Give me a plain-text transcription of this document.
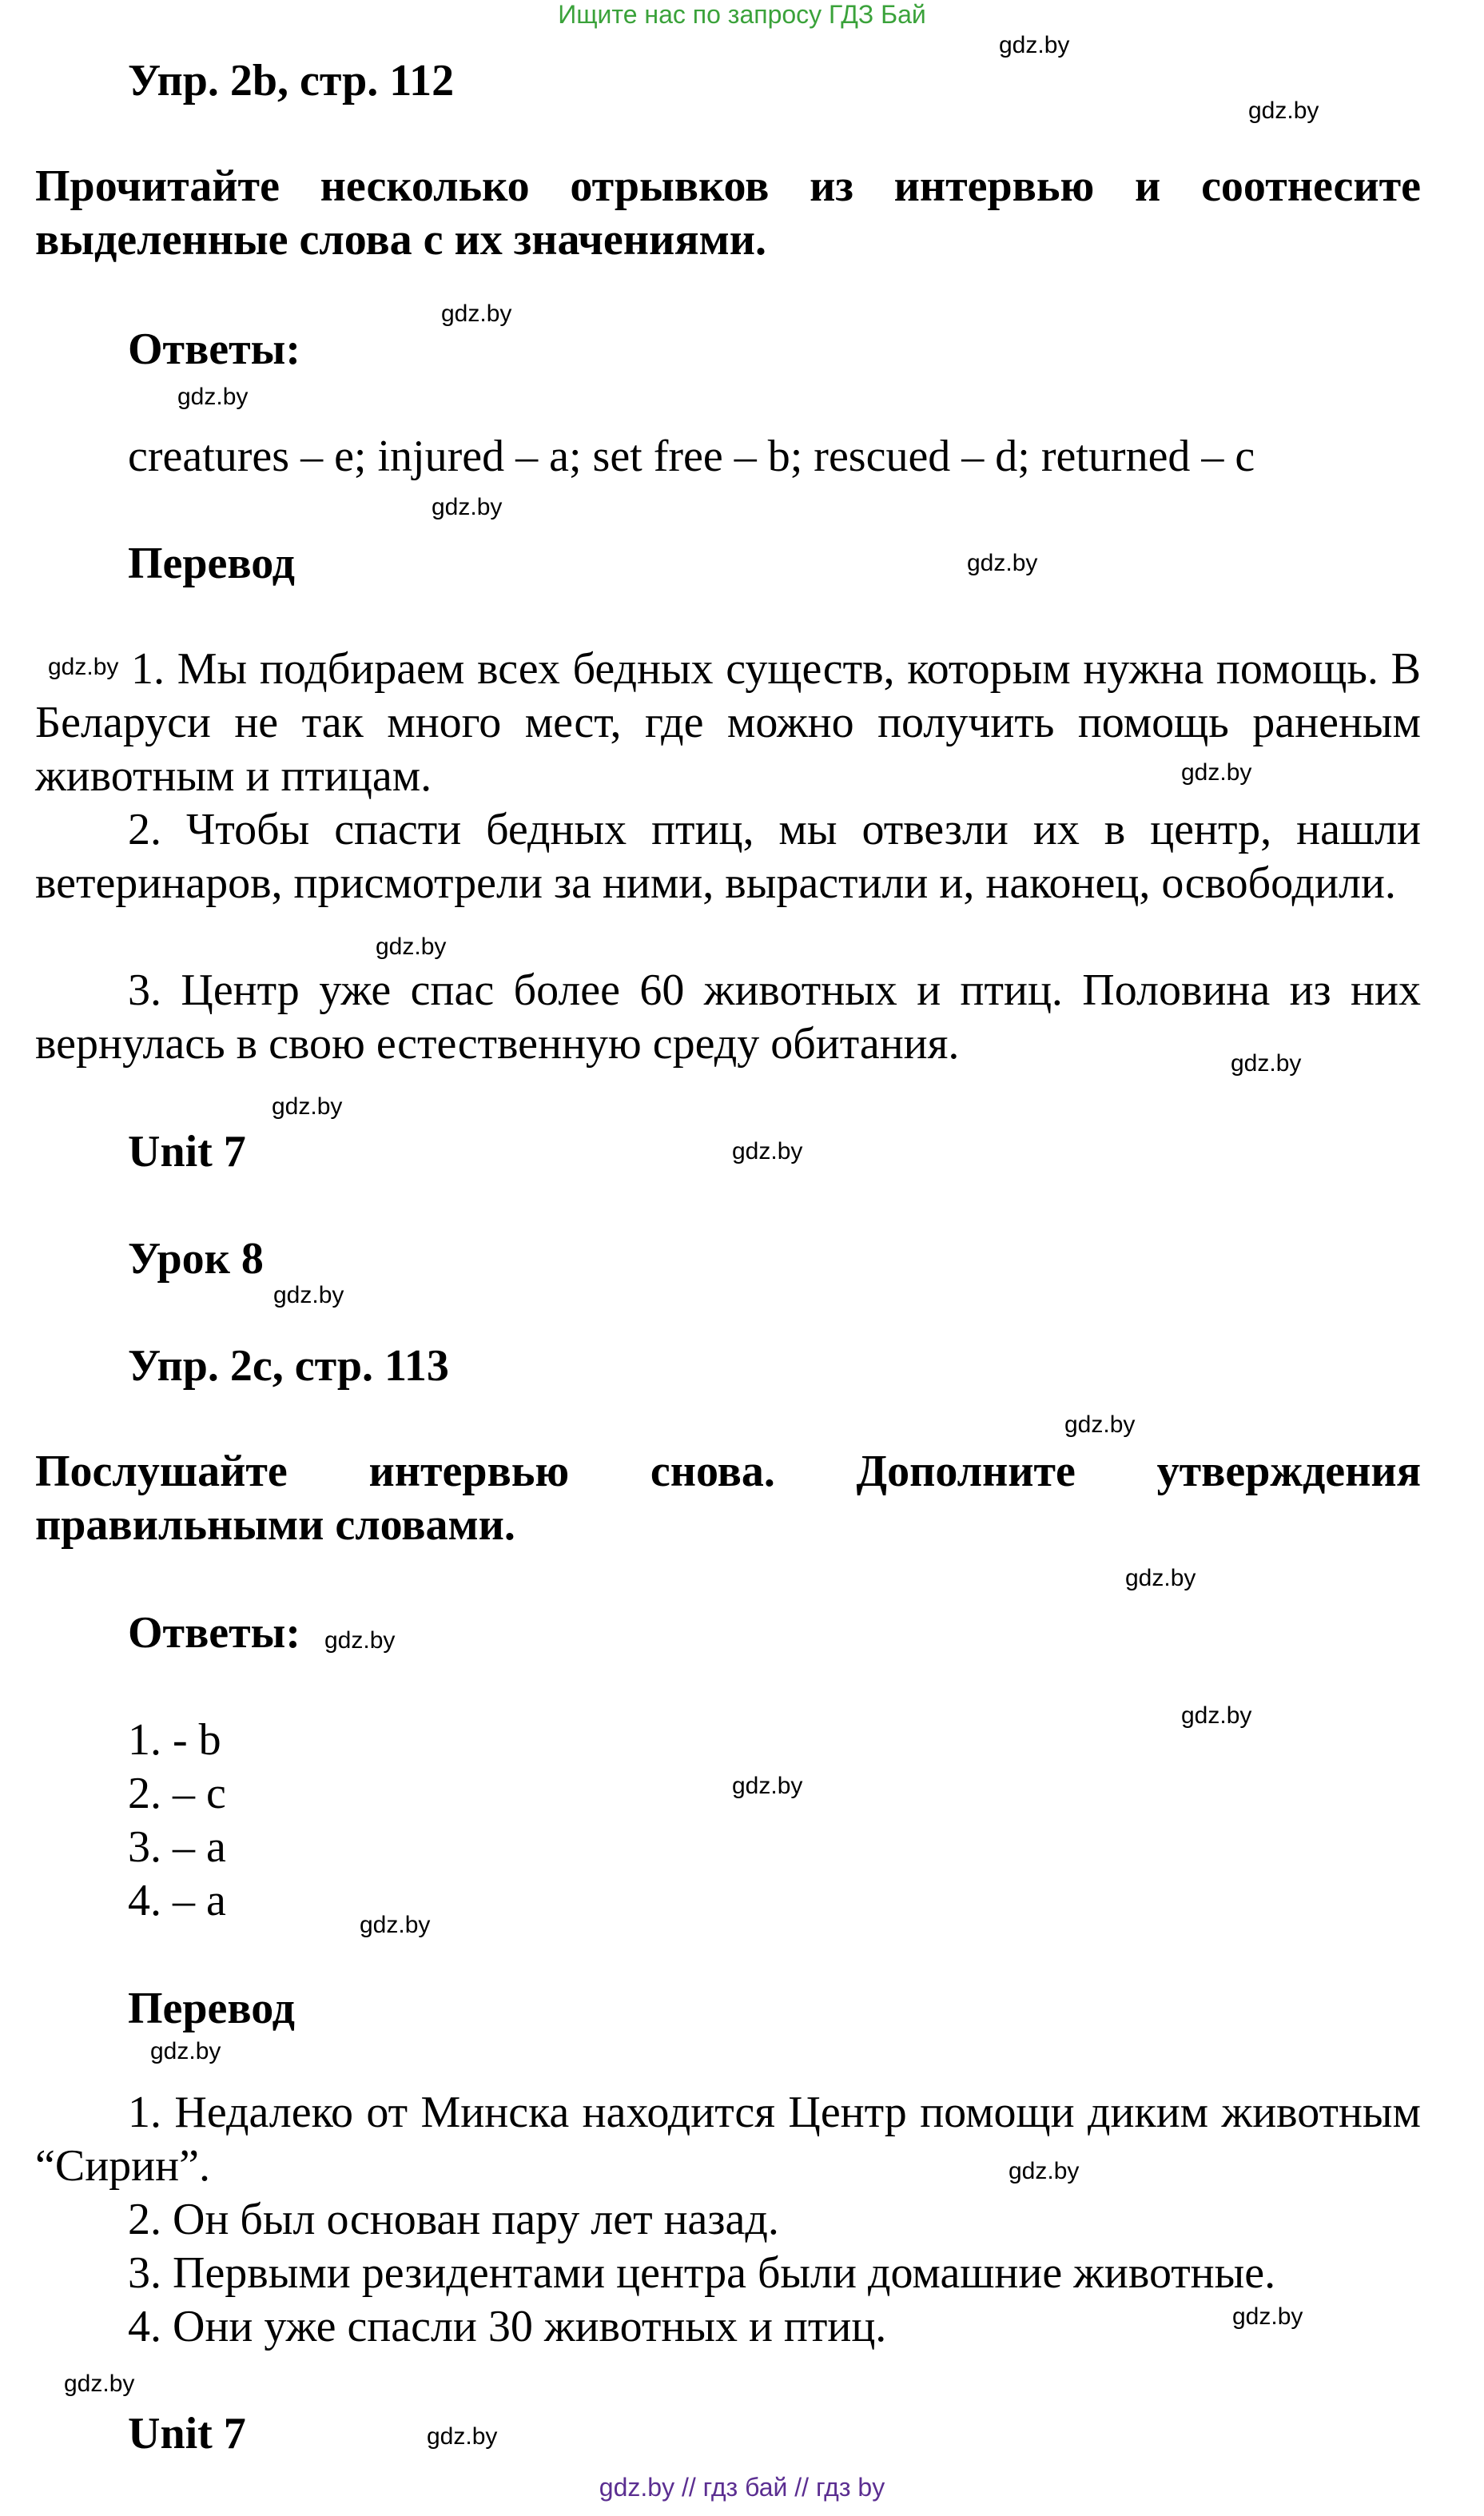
Ищите нас по запросу ГДЗ Бай
Упр. 2b, стр. 112
Прочитайте несколько отрывков из интервью и соотнесите выделенные слова с их значениями.
Ответы:
creatures – e; injured – a; set free – b; rescued – d; returned – c
Перевод
1. Мы подбираем всех бедных существ, которым нужна помощь. В Беларуси не так много мест, где можно получить помощь раненым животным и птицам.
2. Чтобы спасти бедных птиц, мы отвезли их в центр, нашли ветеринаров, присмотрели за ними, вырастили и, наконец, освободили.
3. Центр уже спас более 60 животных и птиц. Половина из них вернулась в свою естественную среду обитания.
Unit 7
Урок 8
Упр. 2c, стр. 113
Послушайте интервью снова. Дополните утверждения правильными словами.
Ответы:
1. - b
2. – c
3. – a
4. – a
Перевод
1. Недалеко от Минска находится Центр помощи диким животным “Сирин”.
2. Он был основан пару лет назад.
3. Первыми резидентами центра были домашние животные.
4. Они уже спасли 30 животных и птиц.
Unit 7
gdz.by
gdz.by
gdz.by
gdz.by
gdz.by
gdz.by
gdz.by
gdz.by
gdz.by
gdz.by
gdz.by
gdz.by
gdz.by
gdz.by
gdz.by
gdz.by
gdz.by
gdz.by
gdz.by
gdz.by
gdz.by
gdz.by
gdz.by
gdz.by
gdz.by // гдз бай // гдз by
